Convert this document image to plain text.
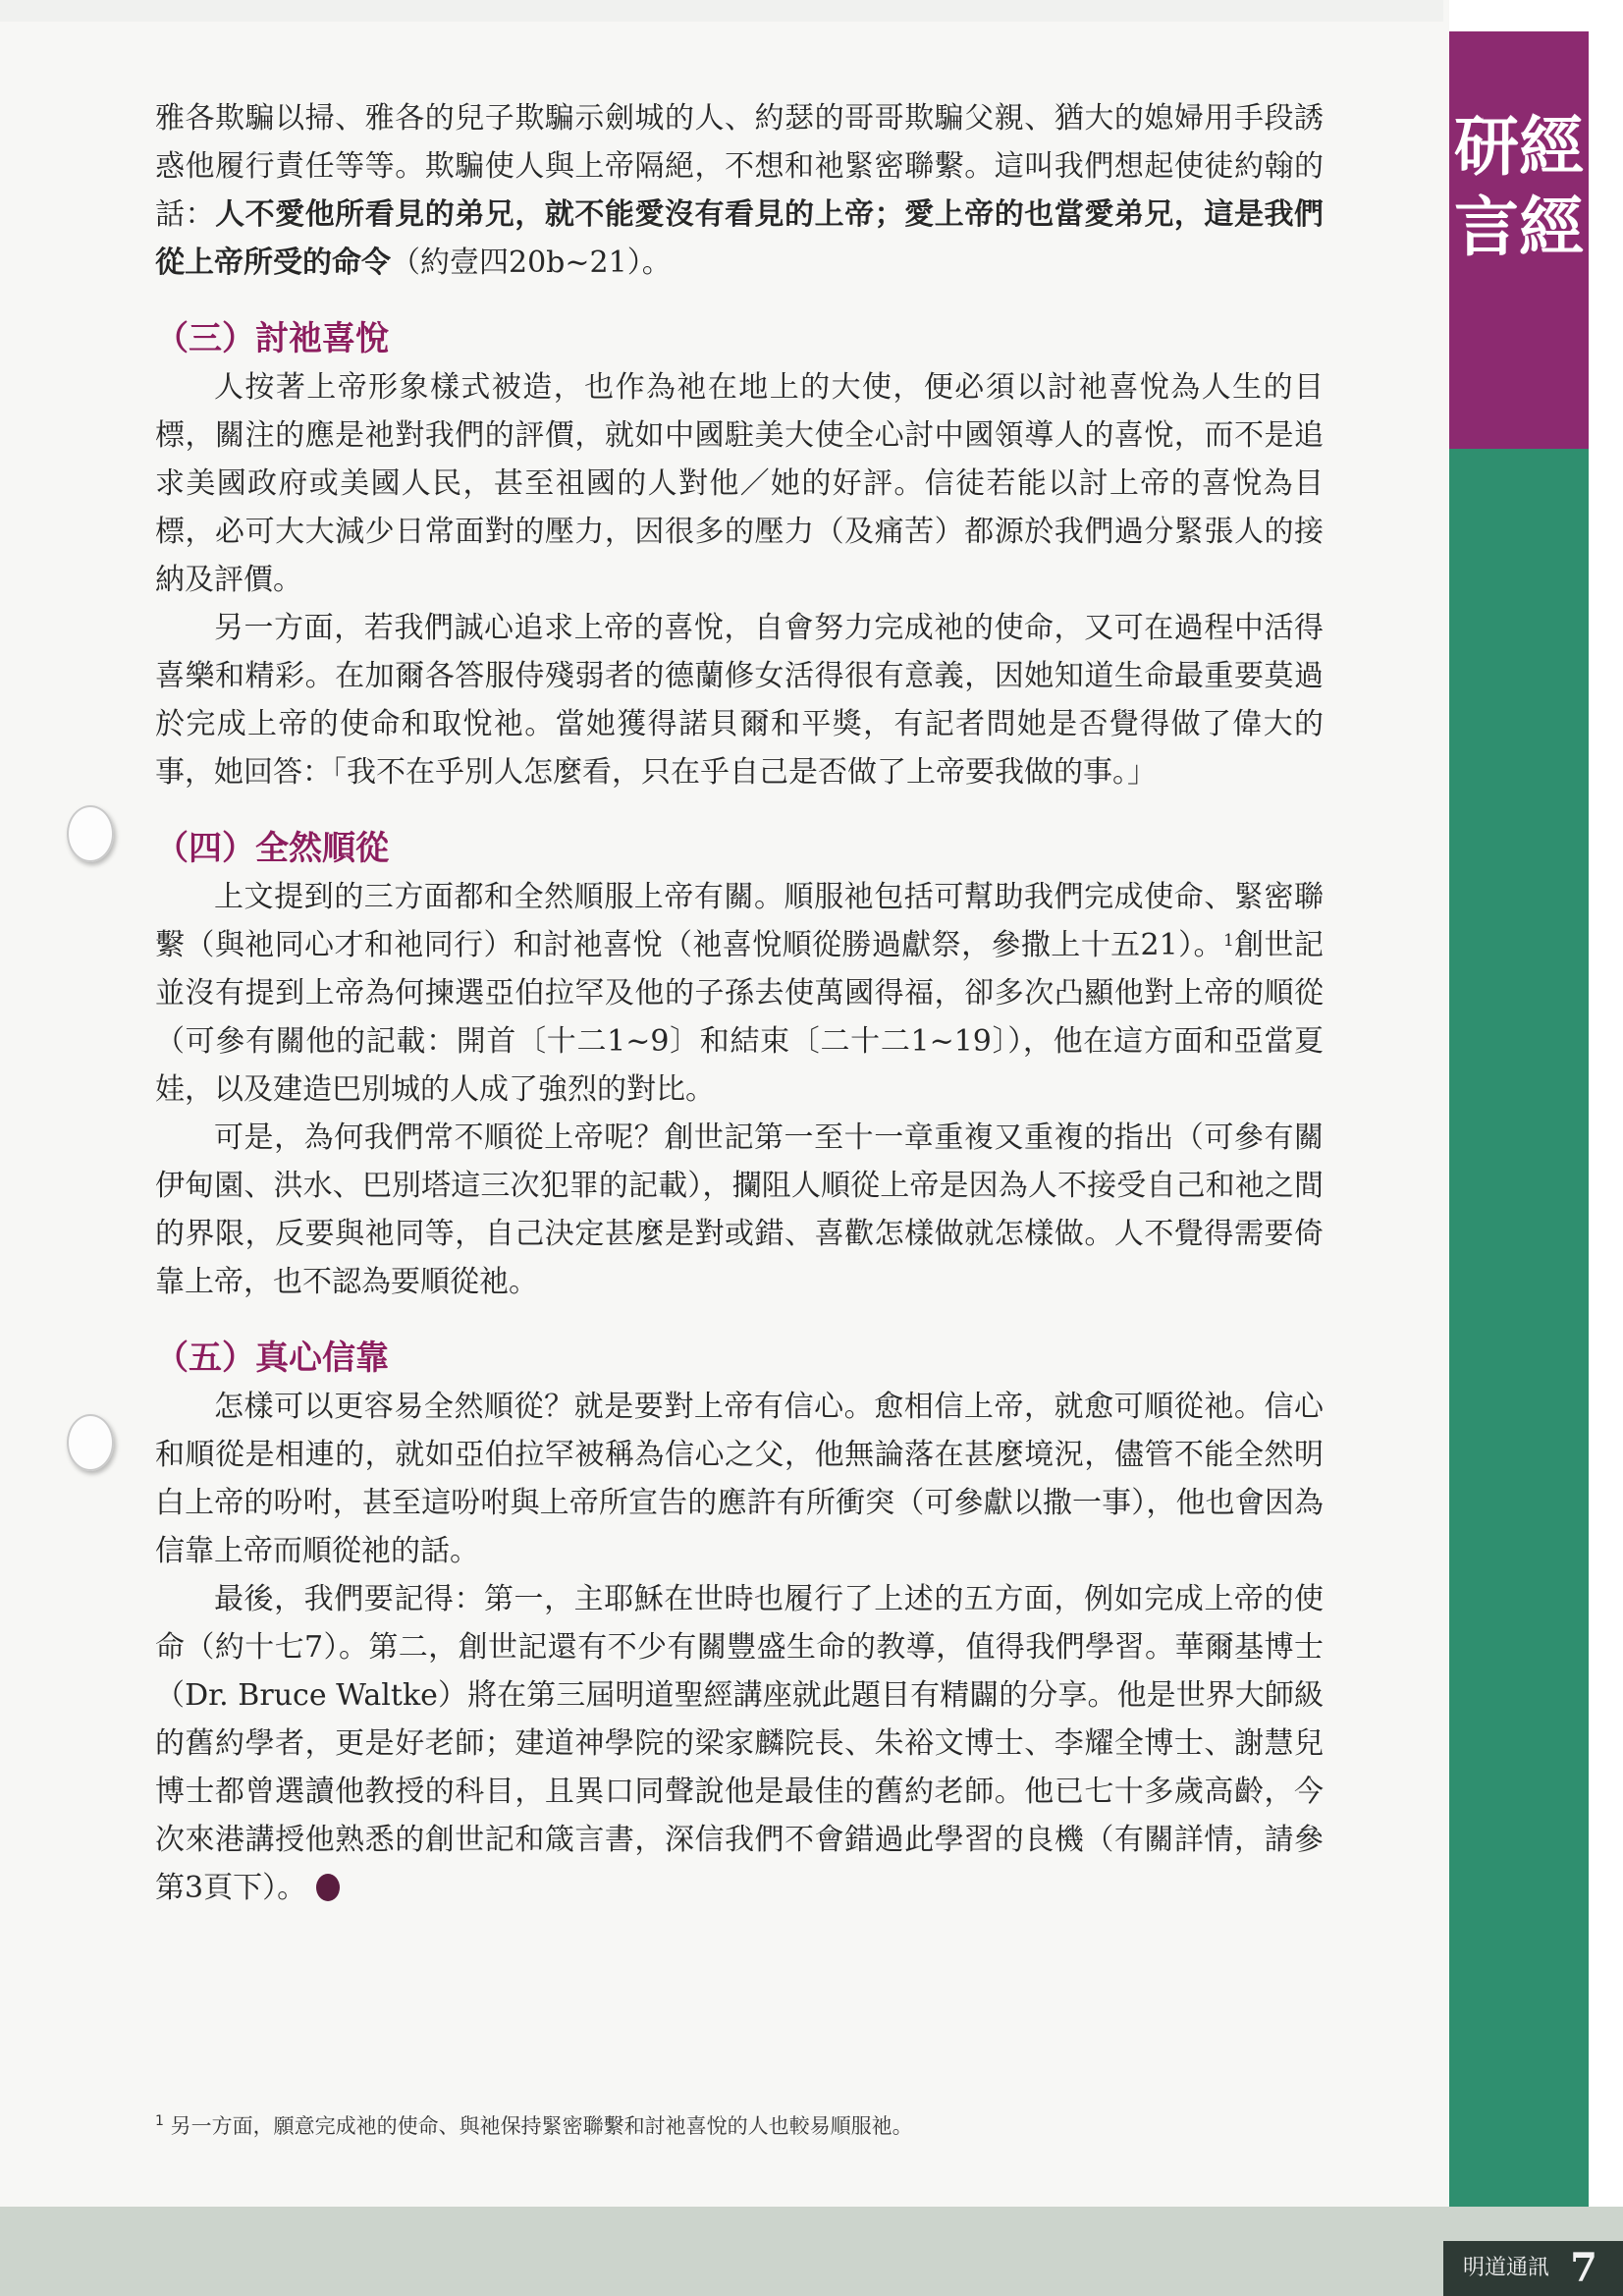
研經言經

雅各欺騙以掃、雅各的兒子欺騙示劍城的人、約瑟的哥哥欺騙父親、猶大的媳婦用手段誘惑他履行責任等等。欺騙使人與上帝隔絕，不想和祂緊密聯繫。這叫我們想起使徒約翰的話：人不愛他所看見的弟兄，就不能愛沒有看見的上帝；愛上帝的也當愛弟兄，這是我們從上帝所受的命令（約壹四20b~21）。

（三）討祂喜悅

人按著上帝形象樣式被造，也作為祂在地上的大使，便必須以討祂喜悅為人生的目標，關注的應是祂對我們的評價，就如中國駐美大使全心討中國領導人的喜悅，而不是追求美國政府或美國人民，甚至祖國的人對他／她的好評。信徒若能以討上帝的喜悅為目標，必可大大減少日常面對的壓力，因很多的壓力（及痛苦）都源於我們過分緊張人的接納及評價。

另一方面，若我們誠心追求上帝的喜悅，自會努力完成祂的使命，又可在過程中活得喜樂和精彩。在加爾各答服侍殘弱者的德蘭修女活得很有意義，因她知道生命最重要莫過於完成上帝的使命和取悅祂。當她獲得諾貝爾和平獎，有記者問她是否覺得做了偉大的事，她回答：「我不在乎別人怎麼看，只在乎自己是否做了上帝要我做的事。」

（四）全然順從

上文提到的三方面都和全然順服上帝有關。順服祂包括可幫助我們完成使命、緊密聯繫（與祂同心才和祂同行）和討祂喜悅（祂喜悅順從勝過獻祭，參撒上十五21）。$^1$創世記並沒有提到上帝為何揀選亞伯拉罕及他的子孫去使萬國得福，卻多次凸顯他對上帝的順從（可參有關他的記載：開首〔十二1~9〕和結束〔二十二1~19〕），他在這方面和亞當夏娃，以及建造巴別城的人成了強烈的對比。

可是，為何我們常不順從上帝呢？創世記第一至十一章重複又重複的指出（可參有關伊甸園、洪水、巴別塔這三次犯罪的記載），攔阻人順從上帝是因為人不接受自己和祂之間的界限，反要與祂同等，自己決定甚麼是對或錯、喜歡怎樣做就怎樣做。人不覺得需要倚靠上帝，也不認為要順從祂。

（五）真心信靠

怎樣可以更容易全然順從？就是要對上帝有信心。愈相信上帝，就愈可順從祂。信心和順從是相連的，就如亞伯拉罕被稱為信心之父，他無論落在甚麼境況，儘管不能全然明白上帝的吩咐，甚至這吩咐與上帝所宣告的應許有所衝突（可參獻以撒一事），他也會因為信靠上帝而順從祂的話。

最後，我們要記得：第一，主耶穌在世時也履行了上述的五方面，例如完成上帝的使命（約十七7）。第二，創世記還有不少有關豐盛生命的教導，值得我們學習。華爾基博士（Dr. Bruce Waltke）將在第三屆明道聖經講座就此題目有精闢的分享。他是世界大師級的舊約學者，更是好老師；建道神學院的梁家麟院長、朱裕文博士、李耀全博士、謝慧兒博士都曾選讀他教授的科目，且異口同聲說他是最佳的舊約老師。他已七十多歲高齡，今次來港講授他熟悉的創世記和箴言書，深信我們不會錯過此學習的良機（有關詳情，請參第3頁下）。

$^1$ 另一方面，願意完成祂的使命、與祂保持緊密聯繫和討祂喜悅的人也較易順服祂。
明道通訊 7
